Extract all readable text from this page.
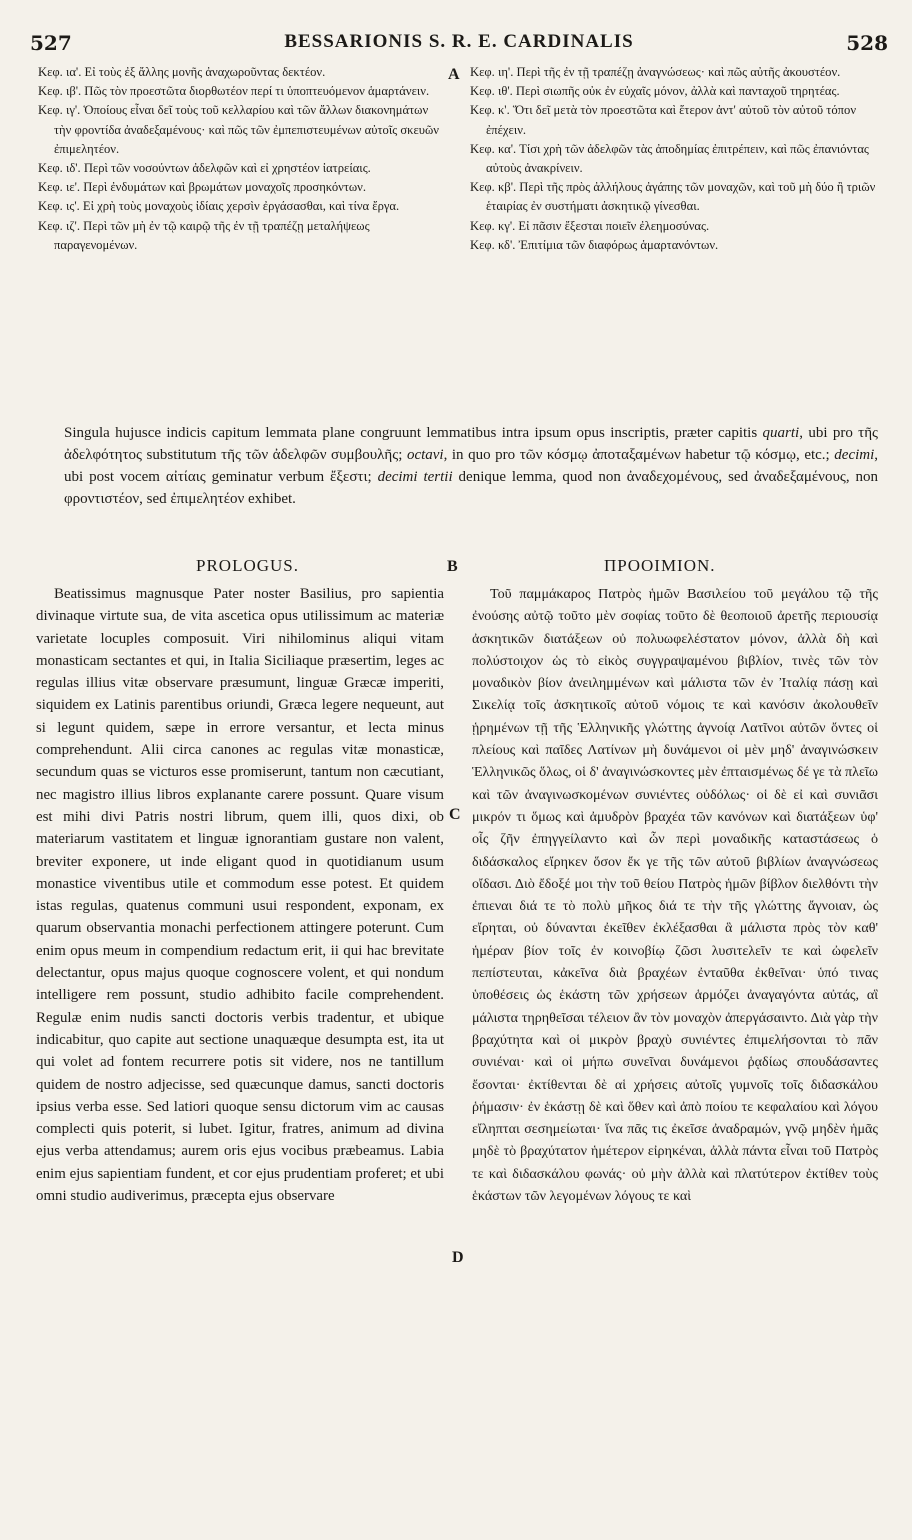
527	BESSARIONIS S. R. E. CARDINALIS	528

Κεφ. ια'. Εἰ τοὺς ἐξ ἄλλης μονῆς ἀναχωροῦντας δεκτέον.

Κεφ. ιβ'. Πῶς τὸν προεστῶτα διορθωτέον περί τι ὑποπτευόμενον ἁμαρτάνειν.

Κεφ. ιγ'. Ὁποίους εἶναι δεῖ τοὺς τοῦ κελλαρίου καὶ τῶν ἄλλων διακονημάτων τὴν φροντίδα ἀναδεξαμένους· καὶ πῶς τῶν ἐμπεπιστευμένων αὐτοῖς σκευῶν ἐπιμελητέον.

Κεφ. ιδ'. Περὶ τῶν νοσούντων ἀδελφῶν καὶ εἰ χρηστέον ἰατρείαις.

Κεφ. ιε'. Περὶ ἐνδυμάτων καὶ βρωμάτων μοναχοῖς προσηκόντων.

Κεφ. ις'. Εἰ χρὴ τοὺς μοναχοὺς ἰδίαις χερσὶν ἐργάσασθαι, καὶ τίνα ἔργα.

Κεφ. ιζ'. Περὶ τῶν μὴ ἐν τῷ καιρῷ τῆς ἐν τῇ τραπέζῃ μεταλήψεως παραγενομένων.

Κεφ. ιη'. Περὶ τῆς ἐν τῇ τραπέζῃ ἀναγνώσεως· καὶ πῶς αὐτῆς ἀκουστέον.

Κεφ. ιθ'. Περὶ σιωπῆς οὐκ ἐν εὐχαῖς μόνον, ἀλλὰ καὶ πανταχοῦ τηρητέας.

Κεφ. κ'. Ὅτι δεῖ μετὰ τὸν προεστῶτα καὶ ἕτερον ἀντ' αὐτοῦ τὸν αὐτοῦ τόπον ἐπέχειν.

Κεφ. κα'. Τίσι χρὴ τῶν ἀδελφῶν τὰς ἀποδημίας ἐπιτρέπειν, καὶ πῶς ἐπανιόντας αὐτοὺς ἀνακρίνειν.

Κεφ. κβ'. Περὶ τῆς πρὸς ἀλλήλους ἀγάπης τῶν μοναχῶν, καὶ τοῦ μὴ δύο ἢ τριῶν ἑταιρίας ἐν συστήματι ἀσκητικῷ γίνεσθαι.

Κεφ. κγ'. Εἰ πᾶσιν ἔξεσται ποιεῖν ἐλεημοσύνας.

Κεφ. κδ'. Ἐπιτίμια τῶν διαφόρως ἁμαρτανόντων.

A
Singula hujusce indicis capitum lemmata plane congruunt lemmatibus intra ipsum opus inscriptis, præter capitis quarti, ubi pro τῆς ἀδελφότητος substitutum τῆς τῶν ἀδελφῶν συμβουλῆς; octavi, in quo pro τῶν κόσμῳ ἀποταξαμένων habetur τῷ κόσμῳ, etc.; decimi, ubi post vocem αἰτίαις geminatur verbum ἔξεστι; decimi tertii denique lemma, quod non ἀναδεχομένους, sed ἀναδεξαμένους, non φροντιστέον, sed ἐπιμελητέον exhibet.
PROLOGUS.	B	ΠΡΟΟΙΜΙΟΝ.

Beatissimus magnusque Pater noster Basilius, pro sapientia divinaque virtute sua, de vita ascetica opus utilissimum ac materiæ varietate locuples composuit. Viri nihilominus aliqui vitam monasticam sectantes et qui, in Italia Siciliaque præsertim, leges ac regulas illius vitæ observare præsumunt, linguæ Græcæ imperiti, siquidem ex Latinis parentibus oriundi, Græca legere nequeunt, aut si legunt quidem, sæpe in errore versantur, et lecta minus comprehendunt. Alii circa canones ac regulas vitæ monasticæ, secundum quas se victuros esse promiserunt, tantum non cæcutiant, nec magistro illius libros explanante carere possunt. Quare visum est mihi divi Patris nostri librum, quem illi, quos dixi, ob materiarum vastitatem et linguæ ignorantiam gustare non valent, breviter exponere, ut inde eligant quod in quotidianum usum monastice viventibus utile et commodum esse potest. Et quidem istas regulas, quatenus communi usui respondent, exponam, ex quarum observantia monachi perfectionem attingere poterunt. Cum enim opus meum in compendium redactum erit, ii qui hac brevitate delectantur, opus majus quoque cognoscere volent, et qui nondum intelligere rem possunt, studio adhibito facile comprehendent. Regulæ enim nudis sancti doctoris verbis tradentur, et ubique indicabitur, quo capite aut sectione unaquæque desumpta est, ita ut qui volet ad fontem recurrere potis sit videre, nos ne tantillum quidem de nostro adjecisse, sed quæcunque damus, sancti doctoris ipsius verba esse. Sed latiori quoque sensu dictorum vim ac causas complecti quis poterit, si lubet. Igitur, fratres, animum ad divina ejus verba attendamus; aurem oris ejus vocibus præbeamus. Labia enim ejus sapientiam fundent, et cor ejus prudentiam proferet; et ubi omni studio audiverimus, præcepta ejus observare

C
D

Τοῦ παμμάκαρος Πατρὸς ἡμῶν Βασιλείου τοῦ μεγάλου τῷ τῆς ἐνούσης αὐτῷ τοῦτο μὲν σοφίας τοῦτο δὲ θεοποιοῦ ἀρετῆς περιουσίᾳ ἀσκητικῶν διατάξεων οὐ πολυωφελέστατον μόνον, ἀλλὰ δὴ καὶ πολύστοιχον ὡς τὸ εἰκὸς συγγραψαμένου βιβλίον, τινὲς τῶν τὸν μοναδικὸν βίον ἀνειλημμένων καὶ μάλιστα τῶν ἐν Ἰταλίᾳ πάσῃ καὶ Σικελίᾳ τοῖς ἀσκητικοῖς αὐτοῦ νόμοις τε καὶ κανόσιν ἀκολουθεῖν ᾑρημένων τῇ τῆς Ἑλληνικῆς γλώττης ἀγνοίᾳ Λατῖνοι αὐτῶν ὄντες οἱ πλείους καὶ παῖδες Λατίνων μὴ δυνάμενοι οἱ μὲν μηδ' ἀναγινώσκειν Ἑλληνικῶς ὅλως, οἱ δ' ἀναγινώσκοντες μὲν ἐπταισμένως δέ γε τὰ πλεῖω καὶ τῶν ἀναγινωσκομένων συνιέντες οὐδόλως· οἱ δὲ εἰ καὶ συνιᾶσι μικρόν τι ὅμως καὶ ἀμυδρὸν βραχέα τῶν κανόνων καὶ διατάξεων ὑφ' οἷς ζῆν ἐπηγγείλαντο καὶ ὧν περὶ μοναδικῆς καταστάσεως ὁ διδάσκαλος εἴρηκεν ὅσον ἔκ γε τῆς τῶν αὐτοῦ βιβλίων ἀναγνώσεως οἴδασι. Διὸ ἔδοξέ μοι τὴν τοῦ θείου Πατρὸς ἡμῶν βίβλον διελθόντι τὴν ἐπιεναι διά τε τὸ πολὺ μῆκος διά τε τὴν τῆς γλώττης ἄγνοιαν, ὡς εἴρηται, οὐ δύνανται ἐκεῖθεν ἐκλέξασθαι ἃ μάλιστα πρὸς τὸν καθ' ἡμέραν βίον τοῖς ἐν κοινοβίῳ ζῶσι λυσιτελεῖν τε καὶ ὠφελεῖν πεπίστευται, κἀκεῖνα διὰ βραχέων ἐνταῦθα ἐκθεῖναι· ὑπό τινας ὑποθέσεις ὡς ἑκάστη τῶν χρήσεων ἁρμόζει ἀναγαγόντα αὐτάς, αἳ μάλιστα τηρηθεῖσαι τέλειον ἂν τὸν μοναχὸν ἀπεργάσαιντο. Διὰ γὰρ τὴν βραχύτητα καὶ οἱ μικρὸν βραχὺ συνιέντες ἐπιμελήσονται τὸ πᾶν συνιέναι· καὶ οἱ μήπω συνεῖναι δυνάμενοι ῥᾳδίως σπουδάσαντες ἔσονται· ἐκτίθενται δὲ αἱ χρήσεις αὐτοῖς γυμνοῖς τοῖς διδασκάλου ῥήμασιν· ἐν ἑκάστῃ δὲ καὶ ὅθεν καὶ ἀπὸ ποίου τε κεφαλαίου καὶ λόγου εἴληπται σεσημείωται· ἵνα πᾶς τις ἐκεῖσε ἀναδραμών, γνῷ μηδὲν ἡμᾶς μηδὲ τὸ βραχύτατον ἡμέτερον εἰρηκέναι, ἀλλὰ πάντα εἶναι τοῦ Πατρὸς τε καὶ διδασκάλου φωνάς· οὐ μὴν ἀλλὰ καὶ πλατύτερον ἐκτίθεν τοὺς ἑκάστων τῶν λεγομένων λόγους τε καὶ
